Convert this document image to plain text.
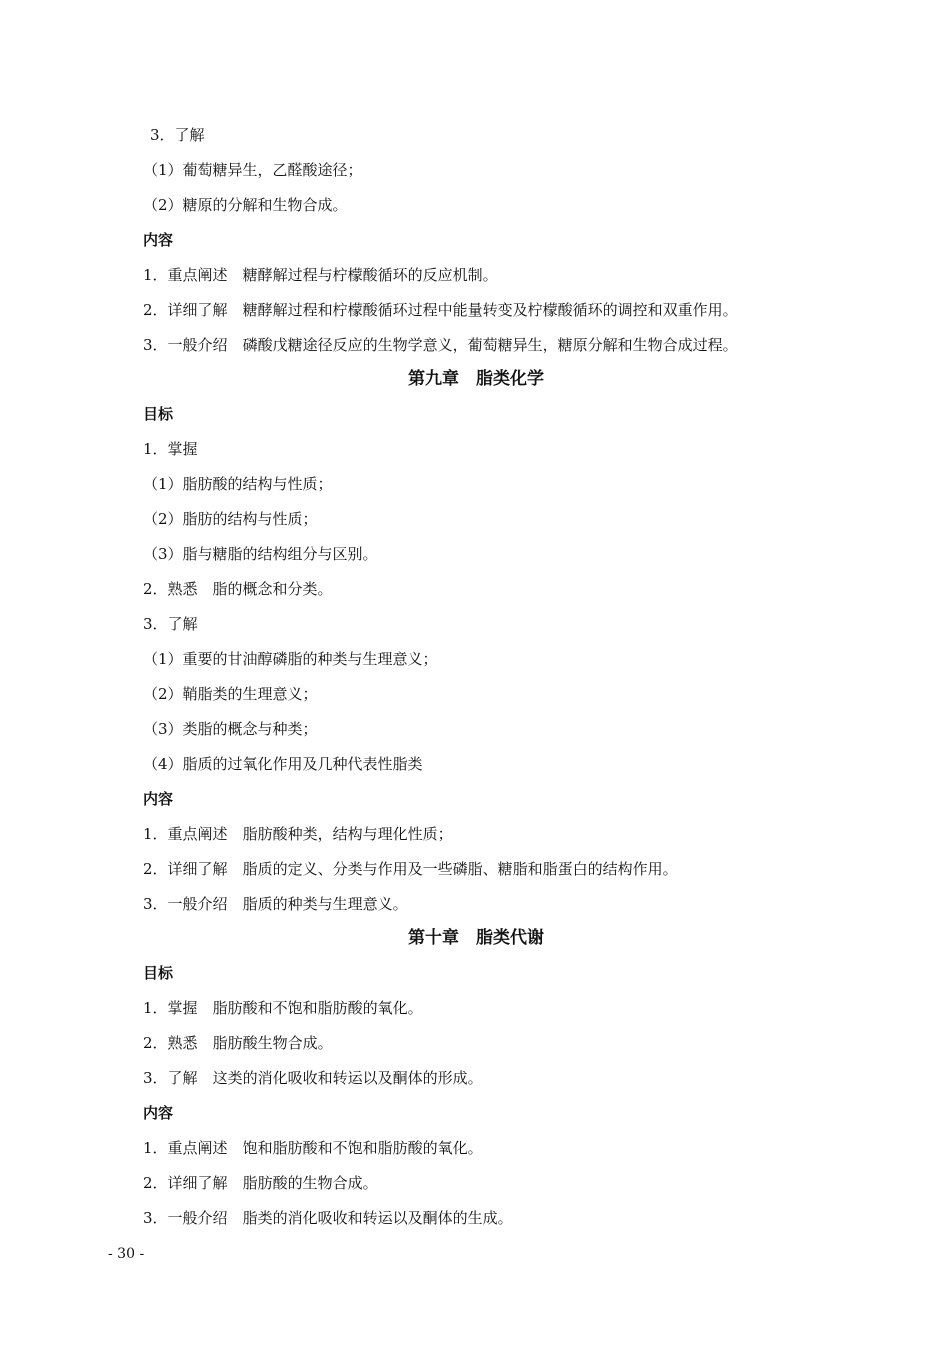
3．了解
（1）葡萄糖异生，乙醛酸途径；
（2）糖原的分解和生物合成。
内容
1．重点阐述　 糖酵解过程与柠檬酸循环的反应机制。
2．详细了解　 糖酵解过程和柠檬酸循环过程中能量转变及柠檬酸循环的调控和双重作用。
3．一般介绍　 磷酸戊糖途径反应的生物学意义，葡萄糖异生，糖原分解和生物合成过程。
第九章　脂类化学
目标
1．掌握
（1）脂肪酸的结构与性质；
（2）脂肪的结构与性质；
（3）脂与糖脂的结构组分与区别。
2．熟悉　脂的概念和分类。
3．了解
（1）重要的甘油醇磷脂的种类与生理意义；
（2）鞘脂类的生理意义；
（3）类脂的概念与种类；
（4）脂质的过氧化作用及几种代表性脂类
内容
1．重点阐述　 脂肪酸种类，结构与理化性质；
2．详细了解　 脂质的定义、分类与作用及一些磷脂、糖脂和脂蛋白的结构作用。
3．一般介绍　 脂质的种类与生理意义。
第十章　脂类代谢
目标
1．掌握　 脂肪酸和不饱和脂肪酸的氧化。
2．熟悉　 脂肪酸生物合成。
3．了解　 这类的消化吸收和转运以及酮体的形成。
内容
1．重点阐述　 饱和脂肪酸和不饱和脂肪酸的氧化。
2．详细了解　 脂肪酸的生物合成。
3．一般介绍　 脂类的消化吸收和转运以及酮体的生成。
- 30 -
